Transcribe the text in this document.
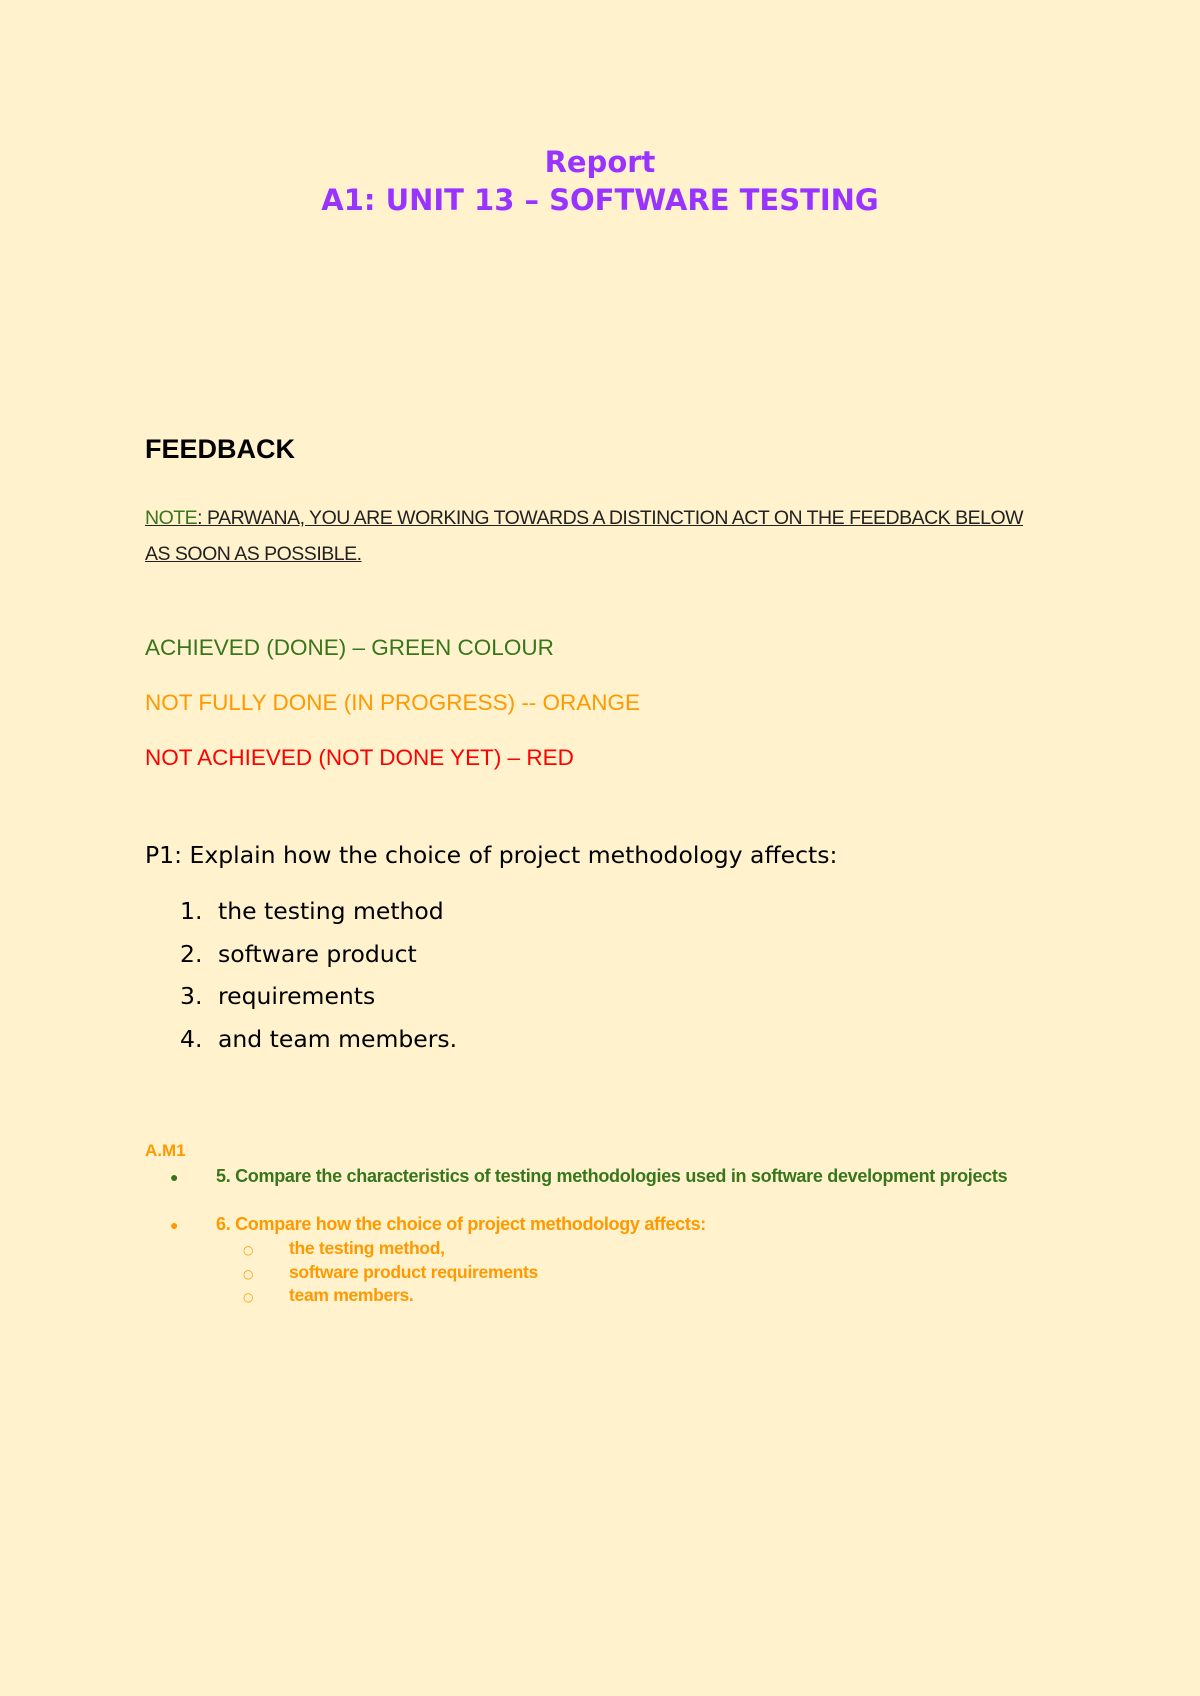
Report
A1: UNIT 13 – SOFTWARE TESTING
FEEDBACK
NOTE: PARWANA, YOU ARE WORKING TOWARDS A DISTINCTION ACT ON THE FEEDBACK BELOW AS SOON AS POSSIBLE.
ACHIEVED (DONE) – GREEN COLOUR
NOT FULLY DONE (IN PROGRESS) -- ORANGE
NOT ACHIEVED (NOT DONE YET) – RED
P1: Explain how the choice of project methodology affects:
1. the testing method
2. software product
3. requirements
4. and team members.
A.M1
● 5. Compare the characteristics of testing methodologies used in software development projects
● 6. Compare how the choice of project methodology affects:
○ the testing method,
○ software product requirements
○ team members.
